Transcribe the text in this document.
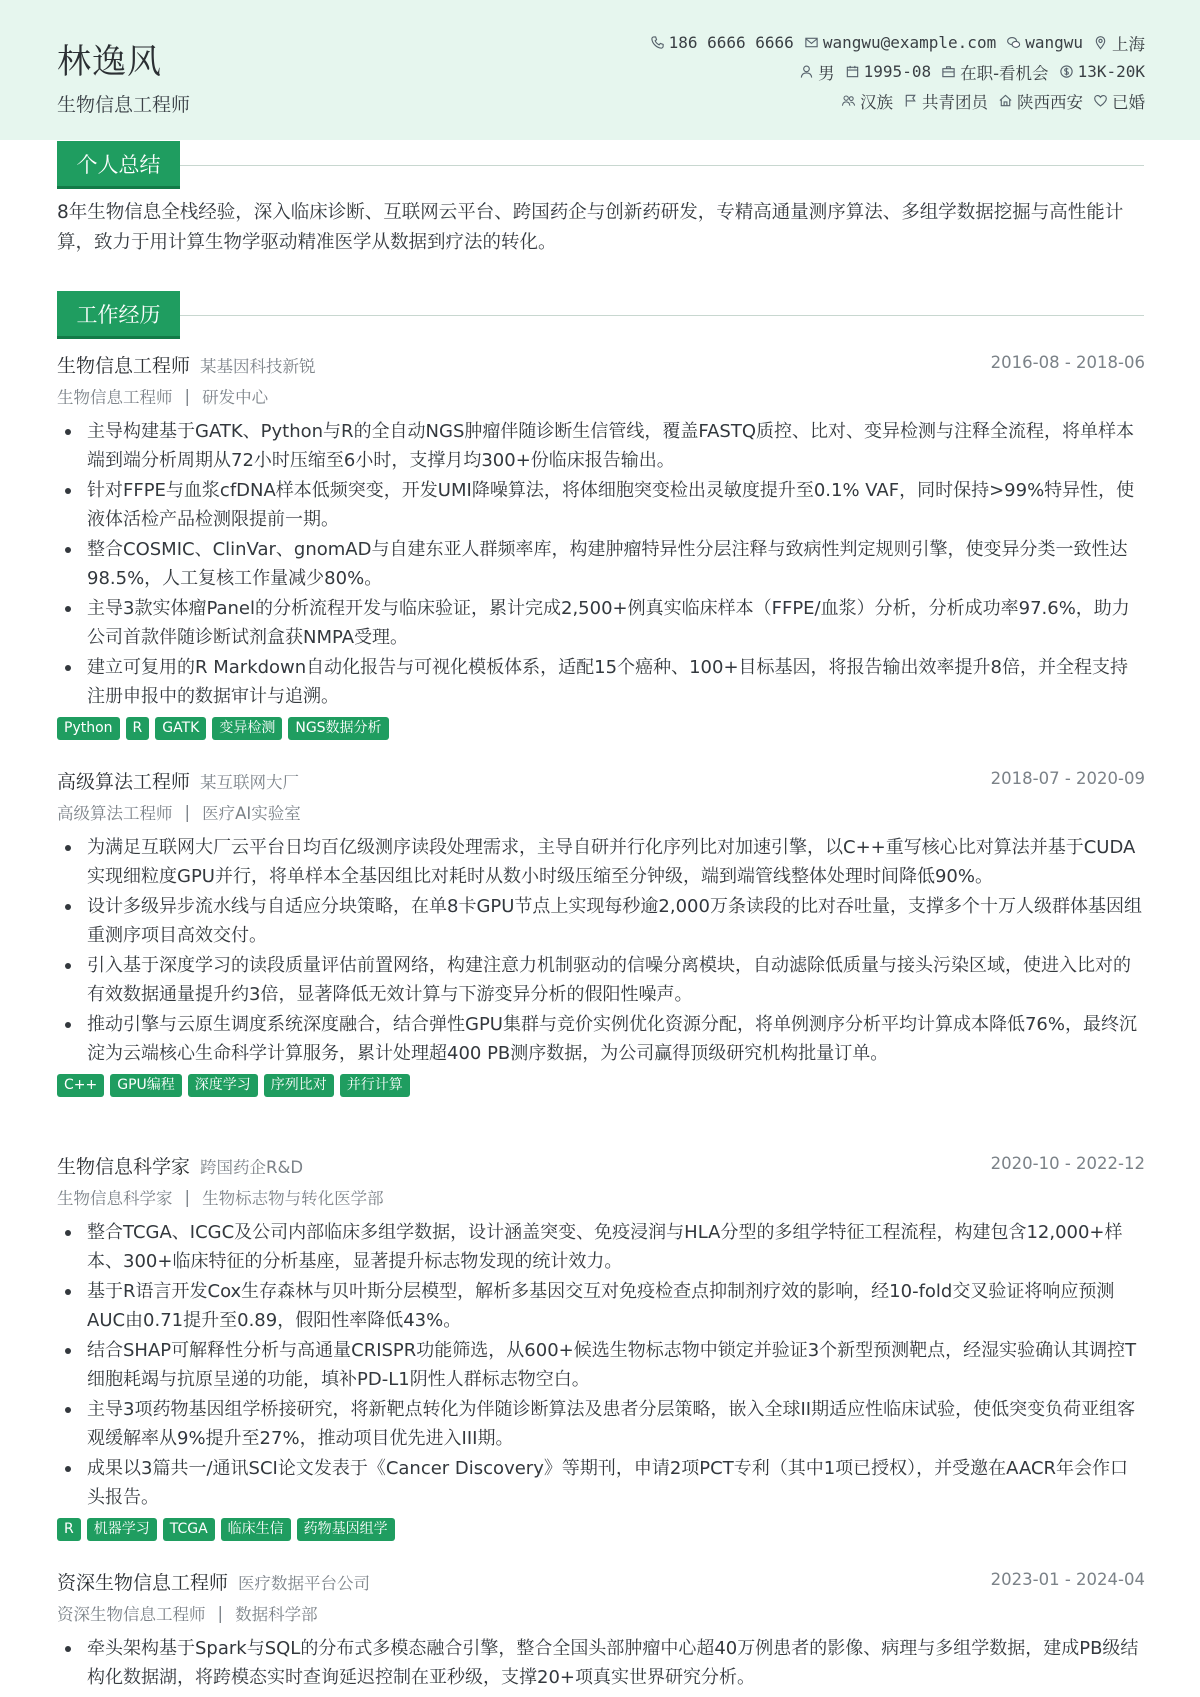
林逸风
生物信息工程师
186 6666 6666 wangwu@example.com wangwu 上海
男 1995-08 在职-看机会 13K-20K
汉族 共青团员 陕西西安 已婚
个人总结
8年生物信息全栈经验，深入临床诊断、互联网云平台、跨国药企与创新药研发，专精高通量测序算法、多组学数据挖掘与高性能计算，致力于用计算生物学驱动精准医学从数据到疗法的转化。
工作经历
生物信息工程师 某基因科技新锐	2016-08 - 2018-06
生物信息工程师 | 研发中心
主导构建基于GATK、Python与R的全自动NGS肿瘤伴随诊断生信管线，覆盖FASTQ质控、比对、变异检测与注释全流程，将单样本端到端分析周期从72小时压缩至6小时，支撑月均300+份临床报告输出。
针对FFPE与血浆cfDNA样本低频突变，开发UMI降噪算法，将体细胞突变检出灵敏度提升至0.1% VAF，同时保持>99%特异性，使液体活检产品检测限提前一期。
整合COSMIC、ClinVar、gnomAD与自建东亚人群频率库，构建肿瘤特异性分层注释与致病性判定规则引擎，使变异分类一致性达98.5%，人工复核工作量减少80%。
主导3款实体瘤Panel的分析流程开发与临床验证，累计完成2,500+例真实临床样本（FFPE/血浆）分析，分析成功率97.6%，助力公司首款伴随诊断试剂盒获NMPA受理。
建立可复用的R Markdown自动化报告与可视化模板体系，适配15个癌种、100+目标基因，将报告输出效率提升8倍，并全程支持注册申报中的数据审计与追溯。
Python	R	GATK	变异检测	NGS数据分析
高级算法工程师 某互联网大厂	2018-07 - 2020-09
高级算法工程师 | 医疗AI实验室
为满足互联网大厂云平台日均百亿级测序读段处理需求，主导自研并行化序列比对加速引擎，以C++重写核心比对算法并基于CUDA实现细粒度GPU并行，将单样本全基因组比对耗时从数小时级压缩至分钟级，端到端管线整体处理时间降低90%。
设计多级异步流水线与自适应分块策略，在单8卡GPU节点上实现每秒逾2,000万条读段的比对吞吐量，支撑多个十万人级群体基因组重测序项目高效交付。
引入基于深度学习的读段质量评估前置网络，构建注意力机制驱动的信噪分离模块，自动滤除低质量与接头污染区域，使进入比对的有效数据通量提升约3倍，显著降低无效计算与下游变异分析的假阳性噪声。
推动引擎与云原生调度系统深度融合，结合弹性GPU集群与竞价实例优化资源分配，将单例测序分析平均计算成本降低76%，最终沉淀为云端核心生命科学计算服务，累计处理超400 PB测序数据，为公司赢得顶级研究机构批量订单。
C++	GPU编程	深度学习	序列比对	并行计算
生物信息科学家 跨国药企R&D	2020-10 - 2022-12
生物信息科学家 | 生物标志物与转化医学部
整合TCGA、ICGC及公司内部临床多组学数据，设计涵盖突变、免疫浸润与HLA分型的多组学特征工程流程，构建包含12,000+样本、300+临床特征的分析基座，显著提升标志物发现的统计效力。
基于R语言开发Cox生存森林与贝叶斯分层模型，解析多基因交互对免疫检查点抑制剂疗效的影响，经10-fold交叉验证将响应预测AUC由0.71提升至0.89，假阳性率降低43%。
结合SHAP可解释性分析与高通量CRISPR功能筛选，从600+候选生物标志物中锁定并验证3个新型预测靶点，经湿实验确认其调控T细胞耗竭与抗原呈递的功能，填补PD-L1阴性人群标志物空白。
主导3项药物基因组学桥接研究，将新靶点转化为伴随诊断算法及患者分层策略，嵌入全球II期适应性临床试验，使低突变负荷亚组客观缓解率从9%提升至27%，推动项目优先进入III期。
成果以3篇共一/通讯SCI论文发表于《Cancer Discovery》等期刊，申请2项PCT专利（其中1项已授权），并受邀在AACR年会作口头报告。
R	机器学习	TCGA	临床生信	药物基因组学
资深生物信息工程师 医疗数据平台公司	2023-01 - 2024-04
资深生物信息工程师 | 数据科学部
牵头架构基于Spark与SQL的分布式多模态融合引擎，整合全国头部肿瘤中心超40万例患者的影像、病理与多组学数据，建成PB级结构化数据湖，将跨模态实时查询延迟控制在亚秒级，支撑20+项真实世界研究分析。
